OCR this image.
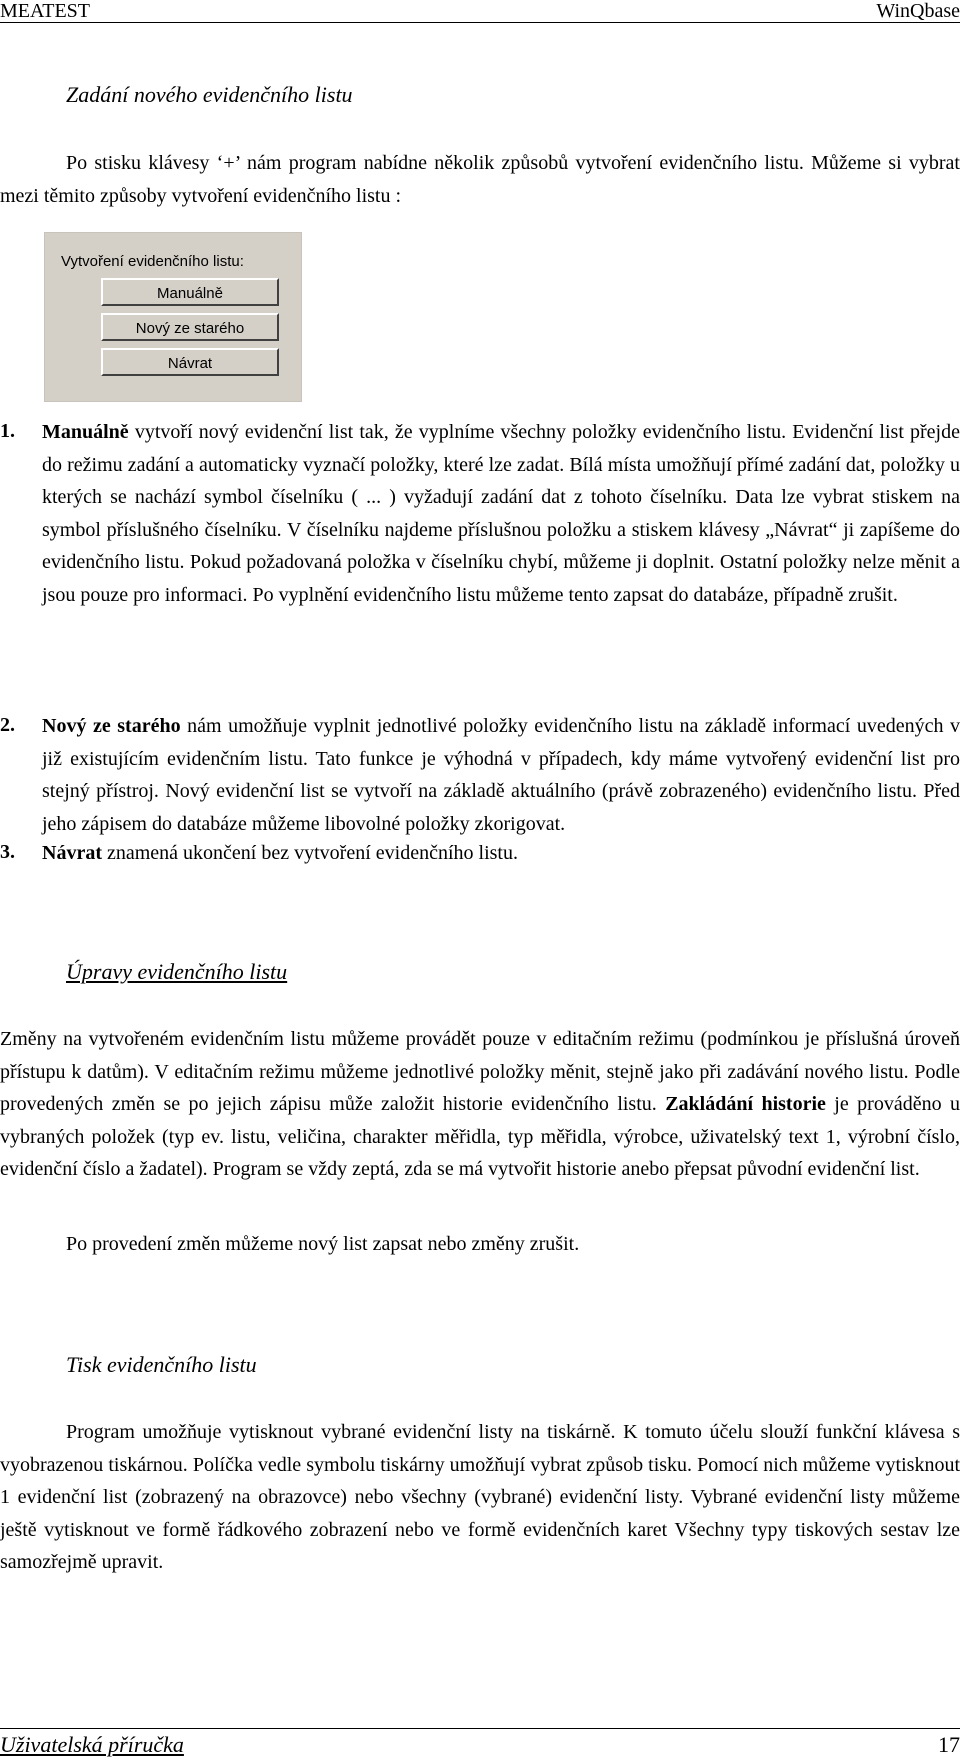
MEATEST	WinQbase
Zadání nového evidenčního listu

Po stisku klávesy ‘+’ nám program nabídne několik způsobů vytvoření evidenčního listu. Můžeme si vybrat mezi těmito způsoby vytvoření evidenčního listu :

Vytvoření evidenčního listu:
Manuálně
Nový ze starého
Návrat
1. Manuálně vytvoří nový evidenční list tak, že vyplníme všechny položky evidenčního listu. Evidenční list přejde do režimu zadání a automaticky vyznačí položky, které lze zadat. Bílá místa umožňují přímé zadání dat, položky u kterých se nachází symbol číselníku ( ... ) vyžadují zadání dat z tohoto číselníku. Data lze vybrat stiskem na symbol příslušného číselníku. V číselníku najdeme příslušnou položku a stiskem klávesy „Návrat“ ji zapíšeme do evidenčního listu. Pokud požadovaná položka v číselníku chybí, můžeme ji doplnit. Ostatní položky nelze měnit a jsou pouze pro informaci. Po vyplnění evidenčního listu můžeme tento zapsat do databáze, případně zrušit.

2. Nový ze starého nám umožňuje vyplnit jednotlivé položky evidenčního listu na základě informací uvedených v již existujícím evidenčním listu. Tato funkce je výhodná v případech, kdy máme vytvořený evidenční list pro stejný přístroj. Nový evidenční list se vytvoří na základě aktuálního (právě zobrazeného) evidenčního listu. Před jeho zápisem do databáze můžeme libovolné položky zkorigovat.

3. Návrat znamená ukončení bez vytvoření evidenčního listu.

Úpravy evidenčního listu

Změny na vytvořeném evidenčním listu můžeme provádět pouze v editačním režimu (podmínkou je příslušná úroveň přístupu k datům). V editačním režimu můžeme jednotlivé položky měnit, stejně jako při zadávání nového listu. Podle provedených změn se po jejich zápisu může založit historie evidenčního listu. Zakládání historie je prováděno u vybraných položek (typ ev. listu, veličina, charakter měřidla, typ měřidla, výrobce, uživatelský text 1, výrobní číslo, evidenční číslo a žadatel). Program se vždy zeptá, zda se má vytvořit historie anebo přepsat původní evidenční list.

Po provedení změn můžeme nový list zapsat nebo změny zrušit.

Tisk evidenčního listu

Program umožňuje vytisknout vybrané evidenční listy na tiskárně. K tomuto účelu slouží funkční klávesa s vyobrazenou tiskárnou. Políčka vedle symbolu tiskárny umožňují vybrat způsob tisku. Pomocí nich můžeme vytisknout 1 evidenční list (zobrazený na obrazovce) nebo všechny (vybrané) evidenční listy. Vybrané evidenční listy můžeme ještě vytisknout ve formě řádkového zobrazení nebo ve formě evidenčních karet Všechny typy tiskových sestav lze samozřejmě upravit.

Uživatelská příručka	17
